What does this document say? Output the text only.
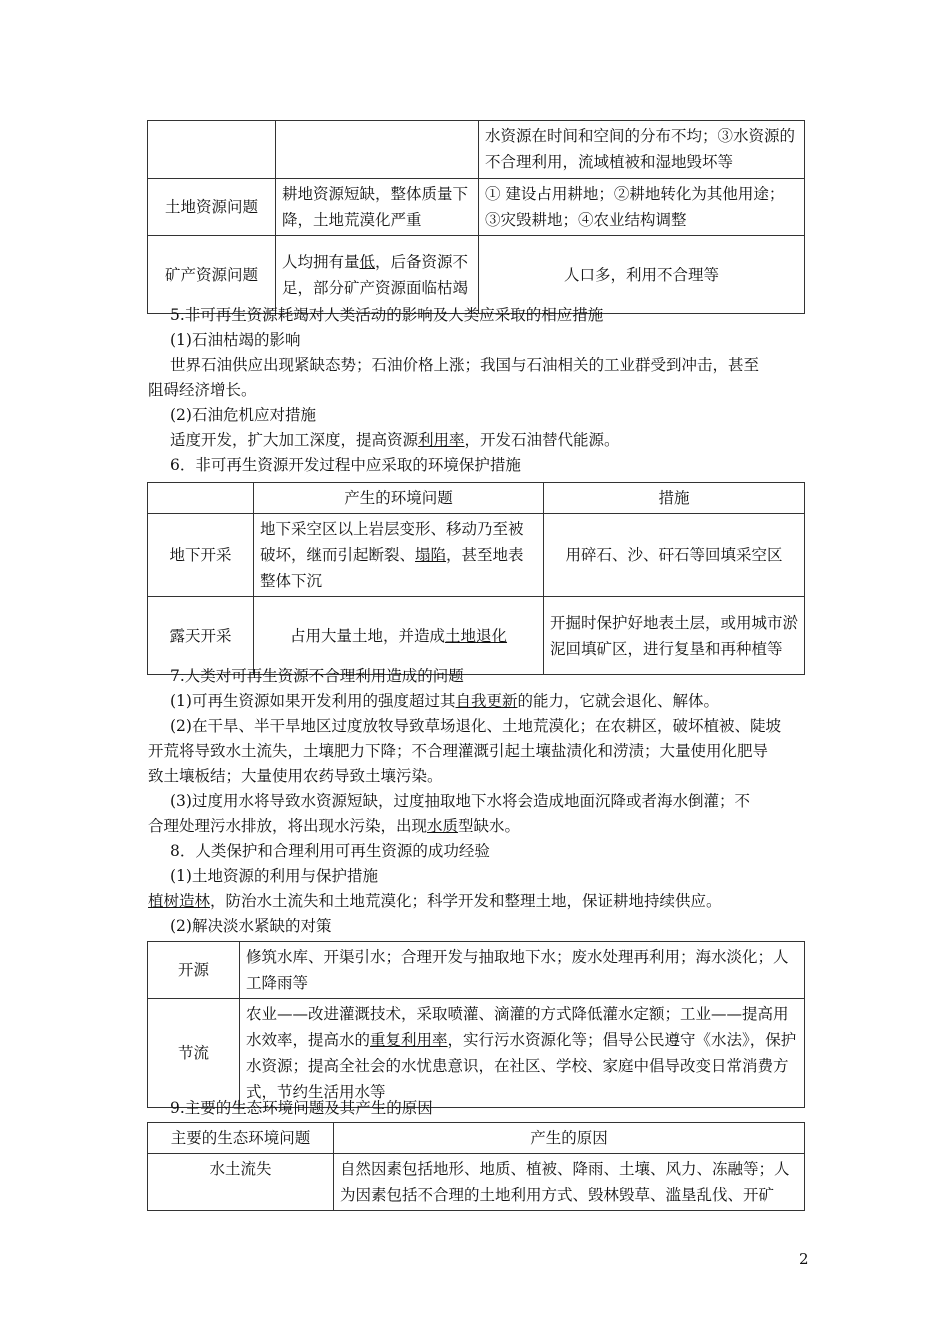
		水资源在时间和空间的分布不均；③水资源的不合理利用，流域植被和湿地毁坏等
土地资源问题	耕地资源短缺，整体质量下降，土地荒漠化严重	① 建设占用耕地；②耕地转化为其他用途；③灾毁耕地；④农业结构调整
矿产资源问题	人均拥有量低，后备资源不足，部分矿产资源面临枯竭	人口多，利用不合理等
5.非可再生资源耗竭对人类活动的影响及人类应采取的相应措施
(1)石油枯竭的影响
世界石油供应出现紧缺态势；石油价格上涨；我国与石油相关的工业群受到冲击，甚至
阻碍经济增长。
(2)石油危机应对措施
适度开发，扩大加工深度，提高资源利用率，开发石油替代能源。
6．非可再生资源开发过程中应采取的环境保护措施
	产生的环境问题	措施
地下开采	地下采空区以上岩层变形、移动乃至被破坏，继而引起断裂、塌陷，甚至地表整体下沉	用碎石、沙、矸石等回填采空区
露天开采	占用大量土地，并造成土地退化	开掘时保护好地表土层，或用城市淤泥回填矿区，进行复垦和再种植等
7.人类对可再生资源不合理利用造成的问题
(1)可再生资源如果开发利用的强度超过其自我更新的能力，它就会退化、解体。
(2)在干旱、半干旱地区过度放牧导致草场退化、土地荒漠化；在农耕区，破坏植被、陡坡
开荒将导致水土流失，土壤肥力下降；不合理灌溉引起土壤盐渍化和涝渍；大量使用化肥导
致土壤板结；大量使用农药导致土壤污染。
(3)过度用水将导致水资源短缺，过度抽取地下水将会造成地面沉降或者海水倒灌；不
合理处理污水排放，将出现水污染，出现水质型缺水。
8．人类保护和合理利用可再生资源的成功经验
(1)土地资源的利用与保护措施
植树造林，防治水土流失和土地荒漠化；科学开发和整理土地，保证耕地持续供应。
(2)解决淡水紧缺的对策
开源	修筑水库、开渠引水；合理开发与抽取地下水；废水处理再利用；海水淡化；人工降雨等
节流	农业——改进灌溉技术，采取喷灌、滴灌的方式降低灌水定额；工业——提高用水效率，提高水的重复利用率，实行污水资源化等；倡导公民遵守《水法》，保护水资源；提高全社会的水忧患意识，在社区、学校、家庭中倡导改变日常消费方式，节约生活用水等
9.主要的生态环境问题及其产生的原因
主要的生态环境问题	产生的原因
水土流失	自然因素包括地形、地质、植被、降雨、土壤、风力、冻融等；人为因素包括不合理的土地利用方式、毁林毁草、滥垦乱伐、开矿
2
